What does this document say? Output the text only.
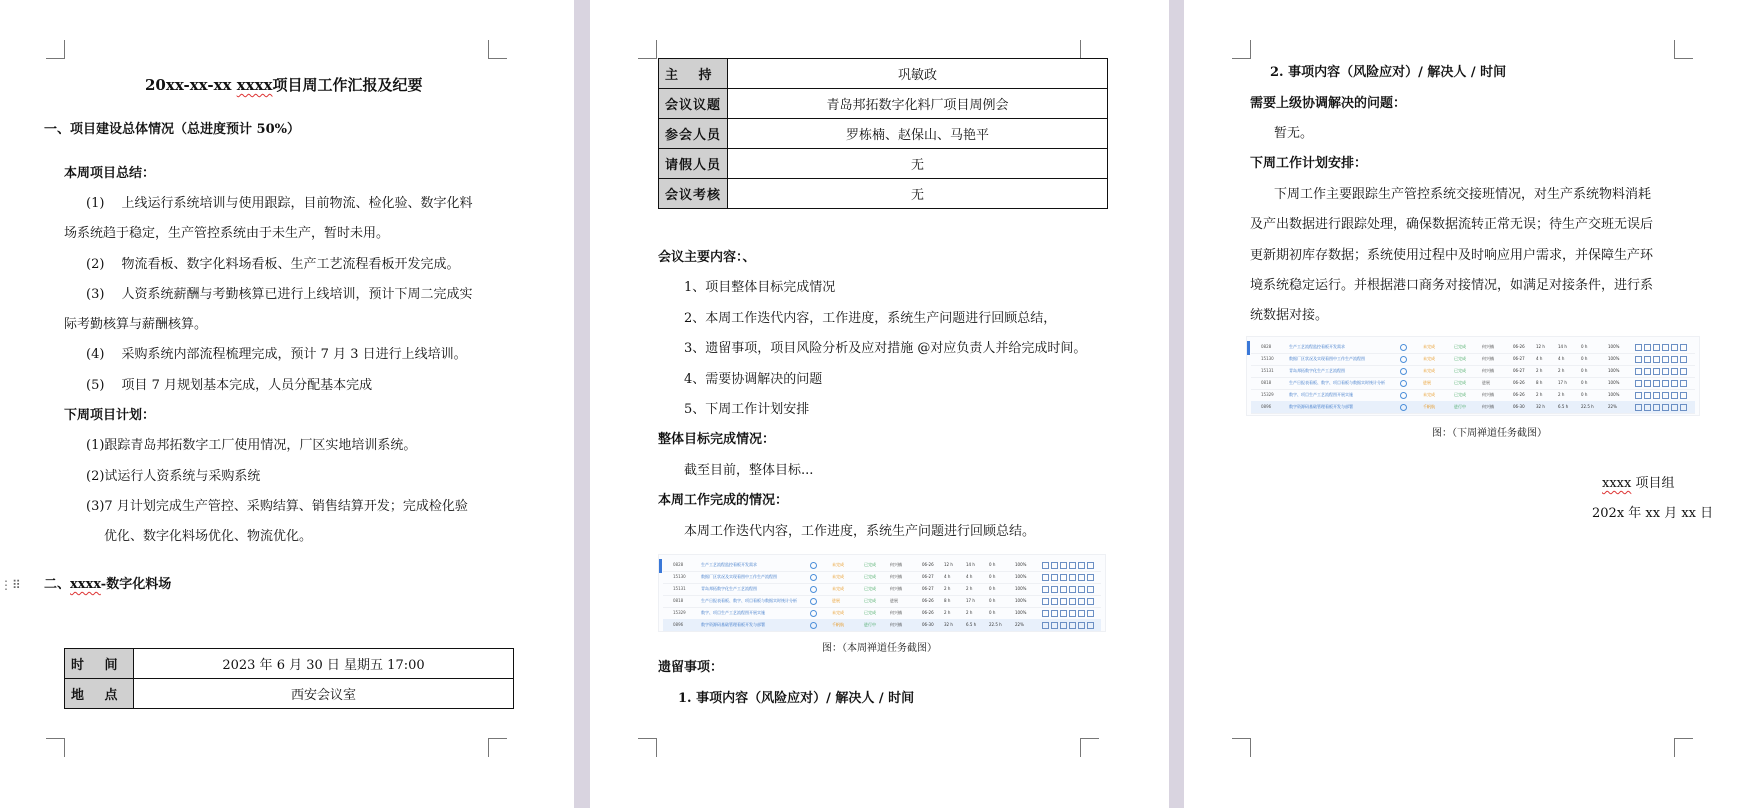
20xx-xx-xx xxxx项目周工作汇报及纪要
一、项目建设总体情况（总进度预计 50%）
本周项目总结：
(1)　 上线运行系统培训与使用跟踪，目前物流、检化验、数字化料
场系统趋于稳定，生产管控系统由于未生产，暂时未用。
(2)　 物流看板、数字化料场看板、生产工艺流程看板开发完成。
(3)　 人资系统薪酬与考勤核算已进行上线培训，预计下周二完成实
际考勤核算与薪酬核算。
(4)　 采购系统内部流程梳理完成，预计 7 月 3 日进行上线培训。
(5)　 项目 7 月规划基本完成，人员分配基本完成
下周项目计划：
(1)跟踪青岛邦拓数字工厂使用情况，厂区实地培训系统。
(2)试运行人资系统与采购系统
(3)7 月计划完成生产管控、采购结算、销售结算开发；完成检化验
优化、数字化料场优化、物流优化。
⋮⠿ 二、xxxx-数字化料场
时　 间	2023 年 6 月 30 日 星期五 17:00
地　 点	西安会议室
主　 持	巩敏政
会议议题	青岛邦拓数字化料厂项目周例会
参会人员	罗栋楠、赵保山、马艳平
请假人员	无
会议考核	无
会议主要内容：、
1、项目整体目标完成情况
2、本周工作迭代内容，工作进度，系统生产问题进行回顾总结，
3、遗留事项，项目风险分析及应对措施 @对应负责人并给完成时间。
4、需要协调解决的问题
5、下周工作计划安排
整体目标完成情况：
截至目前，整体目标...
本周工作完成的情况：
本周工作迭代内容，工作进度，系统生产问题进行回顾总结。
0828	生产工艺流程监控看板开发需求	未完成	已完成	何兴楠	06-26	12 h	14 h	0 h	100%
15130	数据厂区状况及实现看图中工作生产流程图	未完成	已完成	何兴楠	06-27	4 h	4 h	0 h	100%
15131	青岛邦拓数字化生产工艺流程图	未完成	已完成	何兴楠	06-27	2 h	2 h	0 h	100%
0818	生产日报表看板、数字、项目看板与数据实时统计分析	进展	已完成	进展	06-26	8 h	17 h	0 h	100%
15329	数字、项目生产工艺流程图开展实施	未完成	已完成	何兴楠	06-26	2 h	2 h	0 h	100%
0896	数字资源码基础管理看板开发与部署	千帆航	进行中	何兴楠	06-30	32 h	6.5 h	22.5 h	22%
图：（本周禅道任务截图）
遗留事项：
1. 事项内容（风险应对）/ 解决人 / 时间
2. 事项内容（风险应对）/ 解决人 / 时间
需要上级协调解决的问题：
暂无。
下周工作计划安排：
下周工作主要跟踪生产管控系统交接班情况，对生产系统物料消耗
及产出数据进行跟踪处理，确保数据流转正常无误；待生产交班无误后
更新期初库存数据；系统使用过程中及时响应用户需求，并保障生产环
境系统稳定运行。并根据港口商务对接情况，如满足对接条件，进行系
统数据对接。
0828	生产工艺流程监控看板开发需求	未完成	已完成	何兴楠	06-26	12 h	14 h	0 h	100%
15130	数据厂区状况及实现看图中工作生产流程图	未完成	已完成	何兴楠	06-27	4 h	4 h	0 h	100%
15131	青岛邦拓数字化生产工艺流程图	未完成	已完成	何兴楠	06-27	2 h	2 h	0 h	100%
0818	生产日报表看板、数字、项目看板与数据实时统计分析	进展	已完成	进展	06-26	8 h	17 h	0 h	100%
15329	数字、项目生产工艺流程图开展实施	未完成	已完成	何兴楠	06-26	2 h	2 h	0 h	100%
0896	数字资源码基础管理看板开发与部署	千帆航	进行中	何兴楠	06-30	32 h	6.5 h	22.5 h	22%
图：（下周禅道任务截图）
xxxx 项目组
202x 年 xx 月 xx 日
